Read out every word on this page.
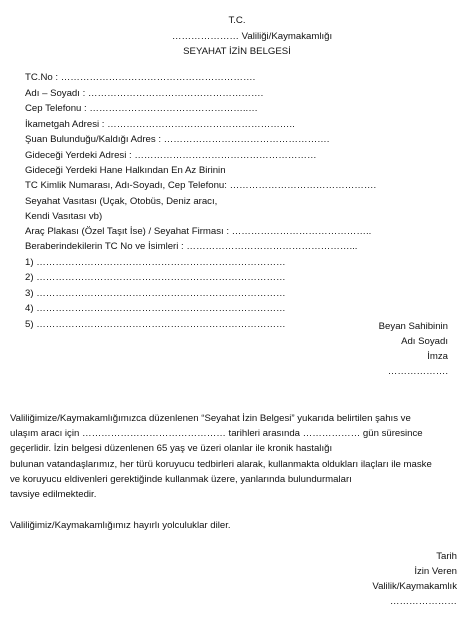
T.C.
………………… Valiliği/Kaymakamlığı
SEYAHAT İZİN BELGESİ
TC.No : …………………………………………………….
Adı – Soyadı : ……………………………………………….
Cep Telefonu : …………………………………………..…
İkametgah Adresi : …………………………………………………..
Şuan Bulunduğu/Kaldığı Adres : …………………………………………….
Gideceği Yerdeki Adresi : …………………………………………………
Gideceği Yerdeki Hane Halkından En Az Birinin
TC Kimlik Numarası, Adı-Soyadı, Cep Telefonu: ……………………………………….
Seyahat Vasıtası (Uçak, Otobüs, Deniz aracı,
Kendi Vasıtası vb)
Araç Plakası (Özel Taşıt İse) / Seyahat Firması : ……………………………………..
Beraberindekilerin TC No ve İsimleri : ……………………………………………...
1) ……………………………………………………………………
2) ……………………………………………………………………
3) ……………………………………………………………………
4) ……………………………………………………………………
5) ……………………………………………………………………	Beyan Sahibinin
Adı Soyadı
İmza
……………….
Valiliğimize/Kaymakamlığımızca düzenlenen “Seyahat İzin Belgesi” yukarıda belirtilen şahıs ve
ulaşım aracı için ……………………………………… tarihleri arasında ……………… gün süresince
geçerlidir. İzin belgesi düzenlenen 65 yaş ve üzeri olanlar ile kronik hastalığı
bulunan vatandaşlarımız, her türü koruyucu tedbirleri alarak, kullanmakta oldukları ilaçları ile maske
ve koruyucu eldivenleri gerektiğinde kullanmak üzere, yanlarında bulundurmaları
tavsiye edilmektedir.
Valiliğimiz/Kaymakamlığımız hayırlı yolculuklar diler.
Tarih
İzin Veren
Valilik/Kaymakamlık
…………………
